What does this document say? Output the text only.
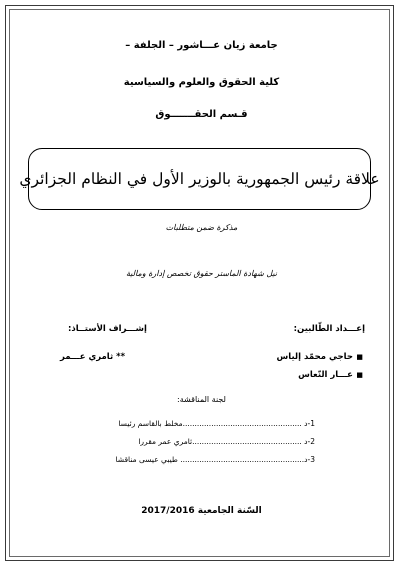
جامعة زيان عـــاشور – الجلفة –
كلية الحقوق والعلوم والسياسية
قـسم الحقـــــــوق
علاقة رئيس الجمهورية بالوزير الأول في النظام الجزائري
مذكرة ضمن متطلبات
نيل شهادة الماستر حقوق تخصص إدارة ومالية
إعـــداد الطّالبين:
إشـــراف الأستــاذ:
■
حاجي محمّد إلياس
■
عـــار النّعاس
** ثامري عـــمر
لجنة المناقشة:
1-د ..................................................مخلط بالقاسم رئيسا
2-د ..............................................ثامري عمر مقررا
3-د.................................................... طيبي عيسى مناقشا
السّنة الجامعية 2017/2016
